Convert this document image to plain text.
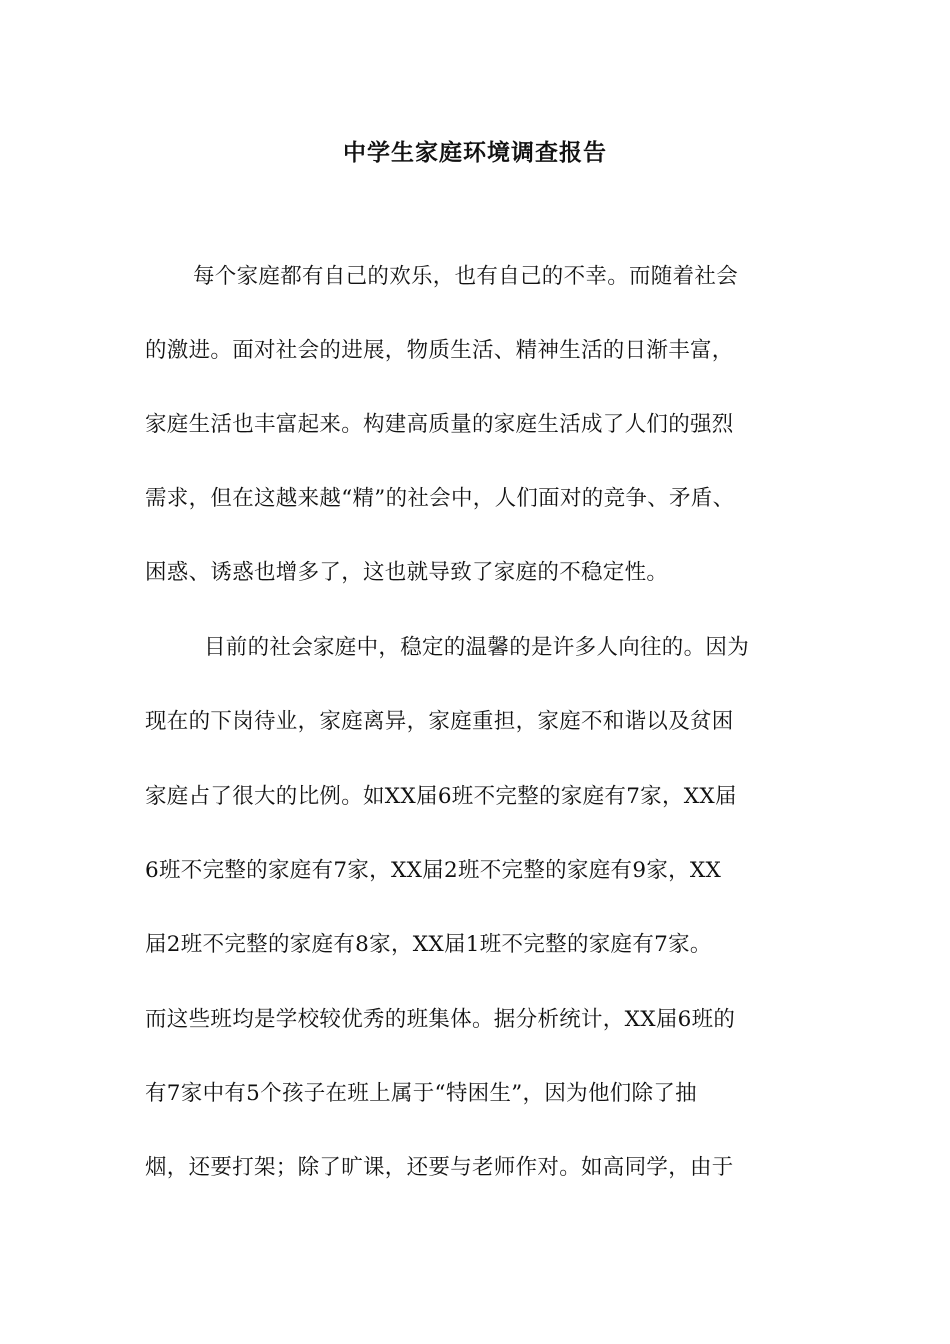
中学生家庭环境调查报告
每个家庭都有自己的欢乐，也有自己的不幸。而随着社会
的激进。面对社会的进展，物质生活、精神生活的日渐丰富，
家庭生活也丰富起来。构建高质量的家庭生活成了人们的强烈
需求，但在这越来越“精”的社会中，人们面对的竞争、矛盾、
困惑、诱惑也增多了，这也就导致了家庭的不稳定性。
目前的社会家庭中，稳定的温馨的是许多人向往的。因为
现在的下岗待业，家庭离异，家庭重担，家庭不和谐以及贫困
家庭占了很大的比例。如XX届6班不完整的家庭有7家，XX届
6班不完整的家庭有7家，XX届2班不完整的家庭有9家，XX
届2班不完整的家庭有8家，XX届1班不完整的家庭有7家。
而这些班均是学校较优秀的班集体。据分析统计，XX届6班的
有7家中有5个孩子在班上属于“特困生”，因为他们除了抽
烟，还要打架；除了旷课，还要与老师作对。如高同学，由于
